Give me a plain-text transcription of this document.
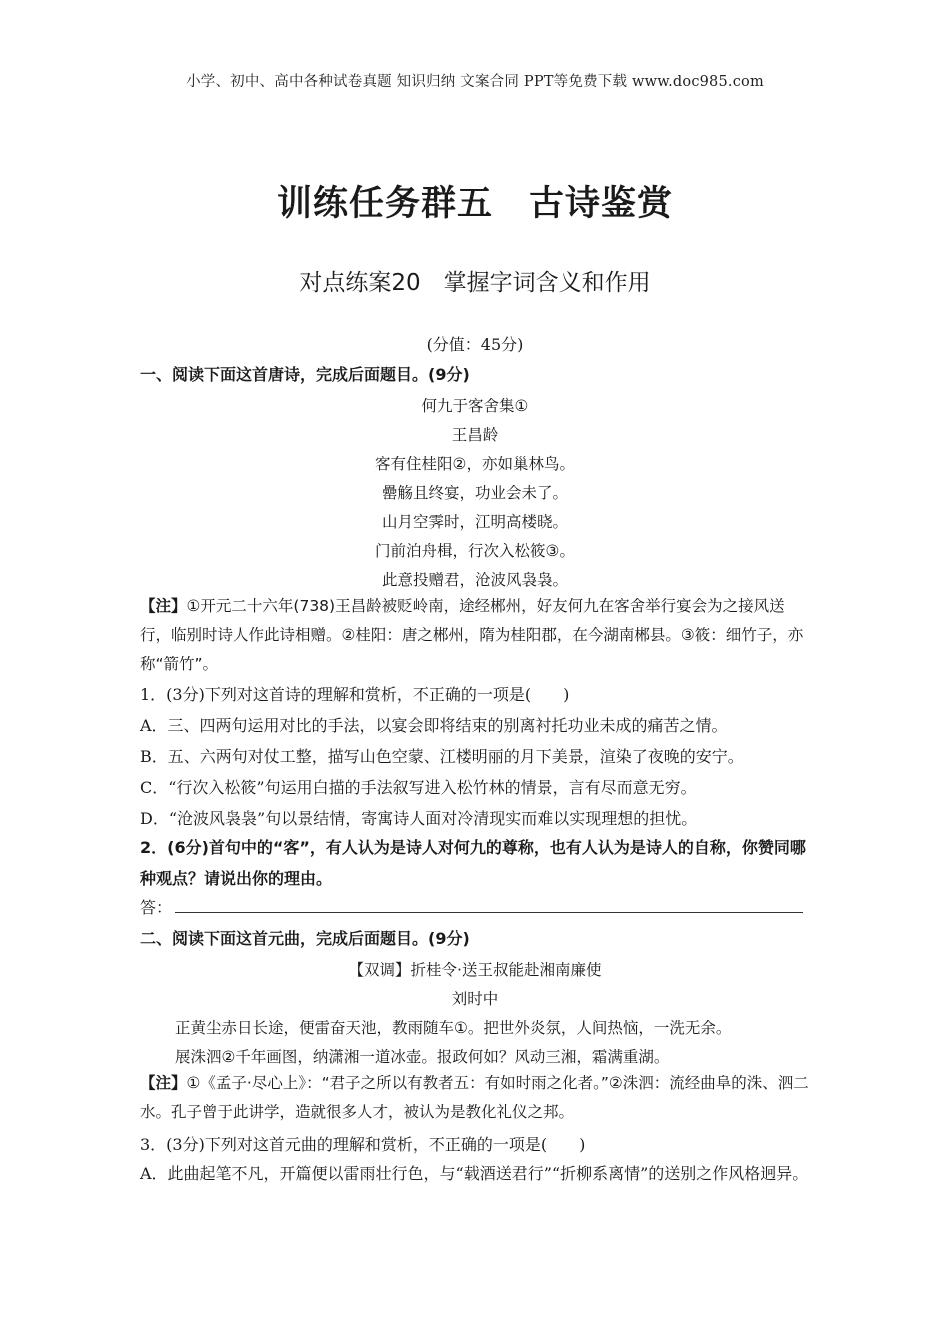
小学、初中、高中各种试卷真题 知识归纳 文案合同 PPT等免费下载 www.doc985.com
训练任务群五　古诗鉴赏
对点练案20　掌握字词含义和作用
(分值：45分)
一、阅读下面这首唐诗，完成后面题目。(9分)
何九于客舍集①
王昌龄
客有住桂阳②，亦如巢林鸟。
罍觞且终宴，功业会未了。
山月空霁时，江明高楼晓。
门前泊舟楫，行次入松筱③。
此意投赠君，沧波风袅袅。
【注】①开元二十六年(738)王昌龄被贬岭南，途经郴州，好友何九在客舍举行宴会为之接风送行，临别时诗人作此诗相赠。②桂阳：唐之郴州，隋为桂阳郡，在今湖南郴县。③筱：细竹子，亦称“箭竹”。
1．(3分)下列对这首诗的理解和赏析，不正确的一项是(　　)
A．三、四两句运用对比的手法，以宴会即将结束的别离衬托功业未成的痛苦之情。
B．五、六两句对仗工整，描写山色空蒙、江楼明丽的月下美景，渲染了夜晚的安宁。
C．“行次入松筱”句运用白描的手法叙写进入松竹林的情景，言有尽而意无穷。
D．“沧波风袅袅”句以景结情，寄寓诗人面对冷清现实而难以实现理想的担忧。
2．(6分)首句中的“客”，有人认为是诗人对何九的尊称，也有人认为是诗人的自称，你赞同哪种观点？请说出你的理由。
答：
二、阅读下面这首元曲，完成后面题目。(9分)
【双调】折桂令·送王叔能赴湘南廉使
刘时中
正黄尘赤日长途，便雷奋天池，教雨随车①。把世外炎氛，人间热恼，一洗无余。
展洙泗②千年画图，纳潇湘一道冰壶。报政何如？风动三湘，霜满重湖。
【注】①《孟子·尽心上》：“君子之所以有教者五：有如时雨之化者。”②洙泗：流经曲阜的洙、泗二水。孔子曾于此讲学，造就很多人才，被认为是教化礼仪之邦。
3．(3分)下列对这首元曲的理解和赏析，不正确的一项是(　　)
A．此曲起笔不凡，开篇便以雷雨壮行色，与“载酒送君行”“折柳系离情”的送别之作风格迥异。
